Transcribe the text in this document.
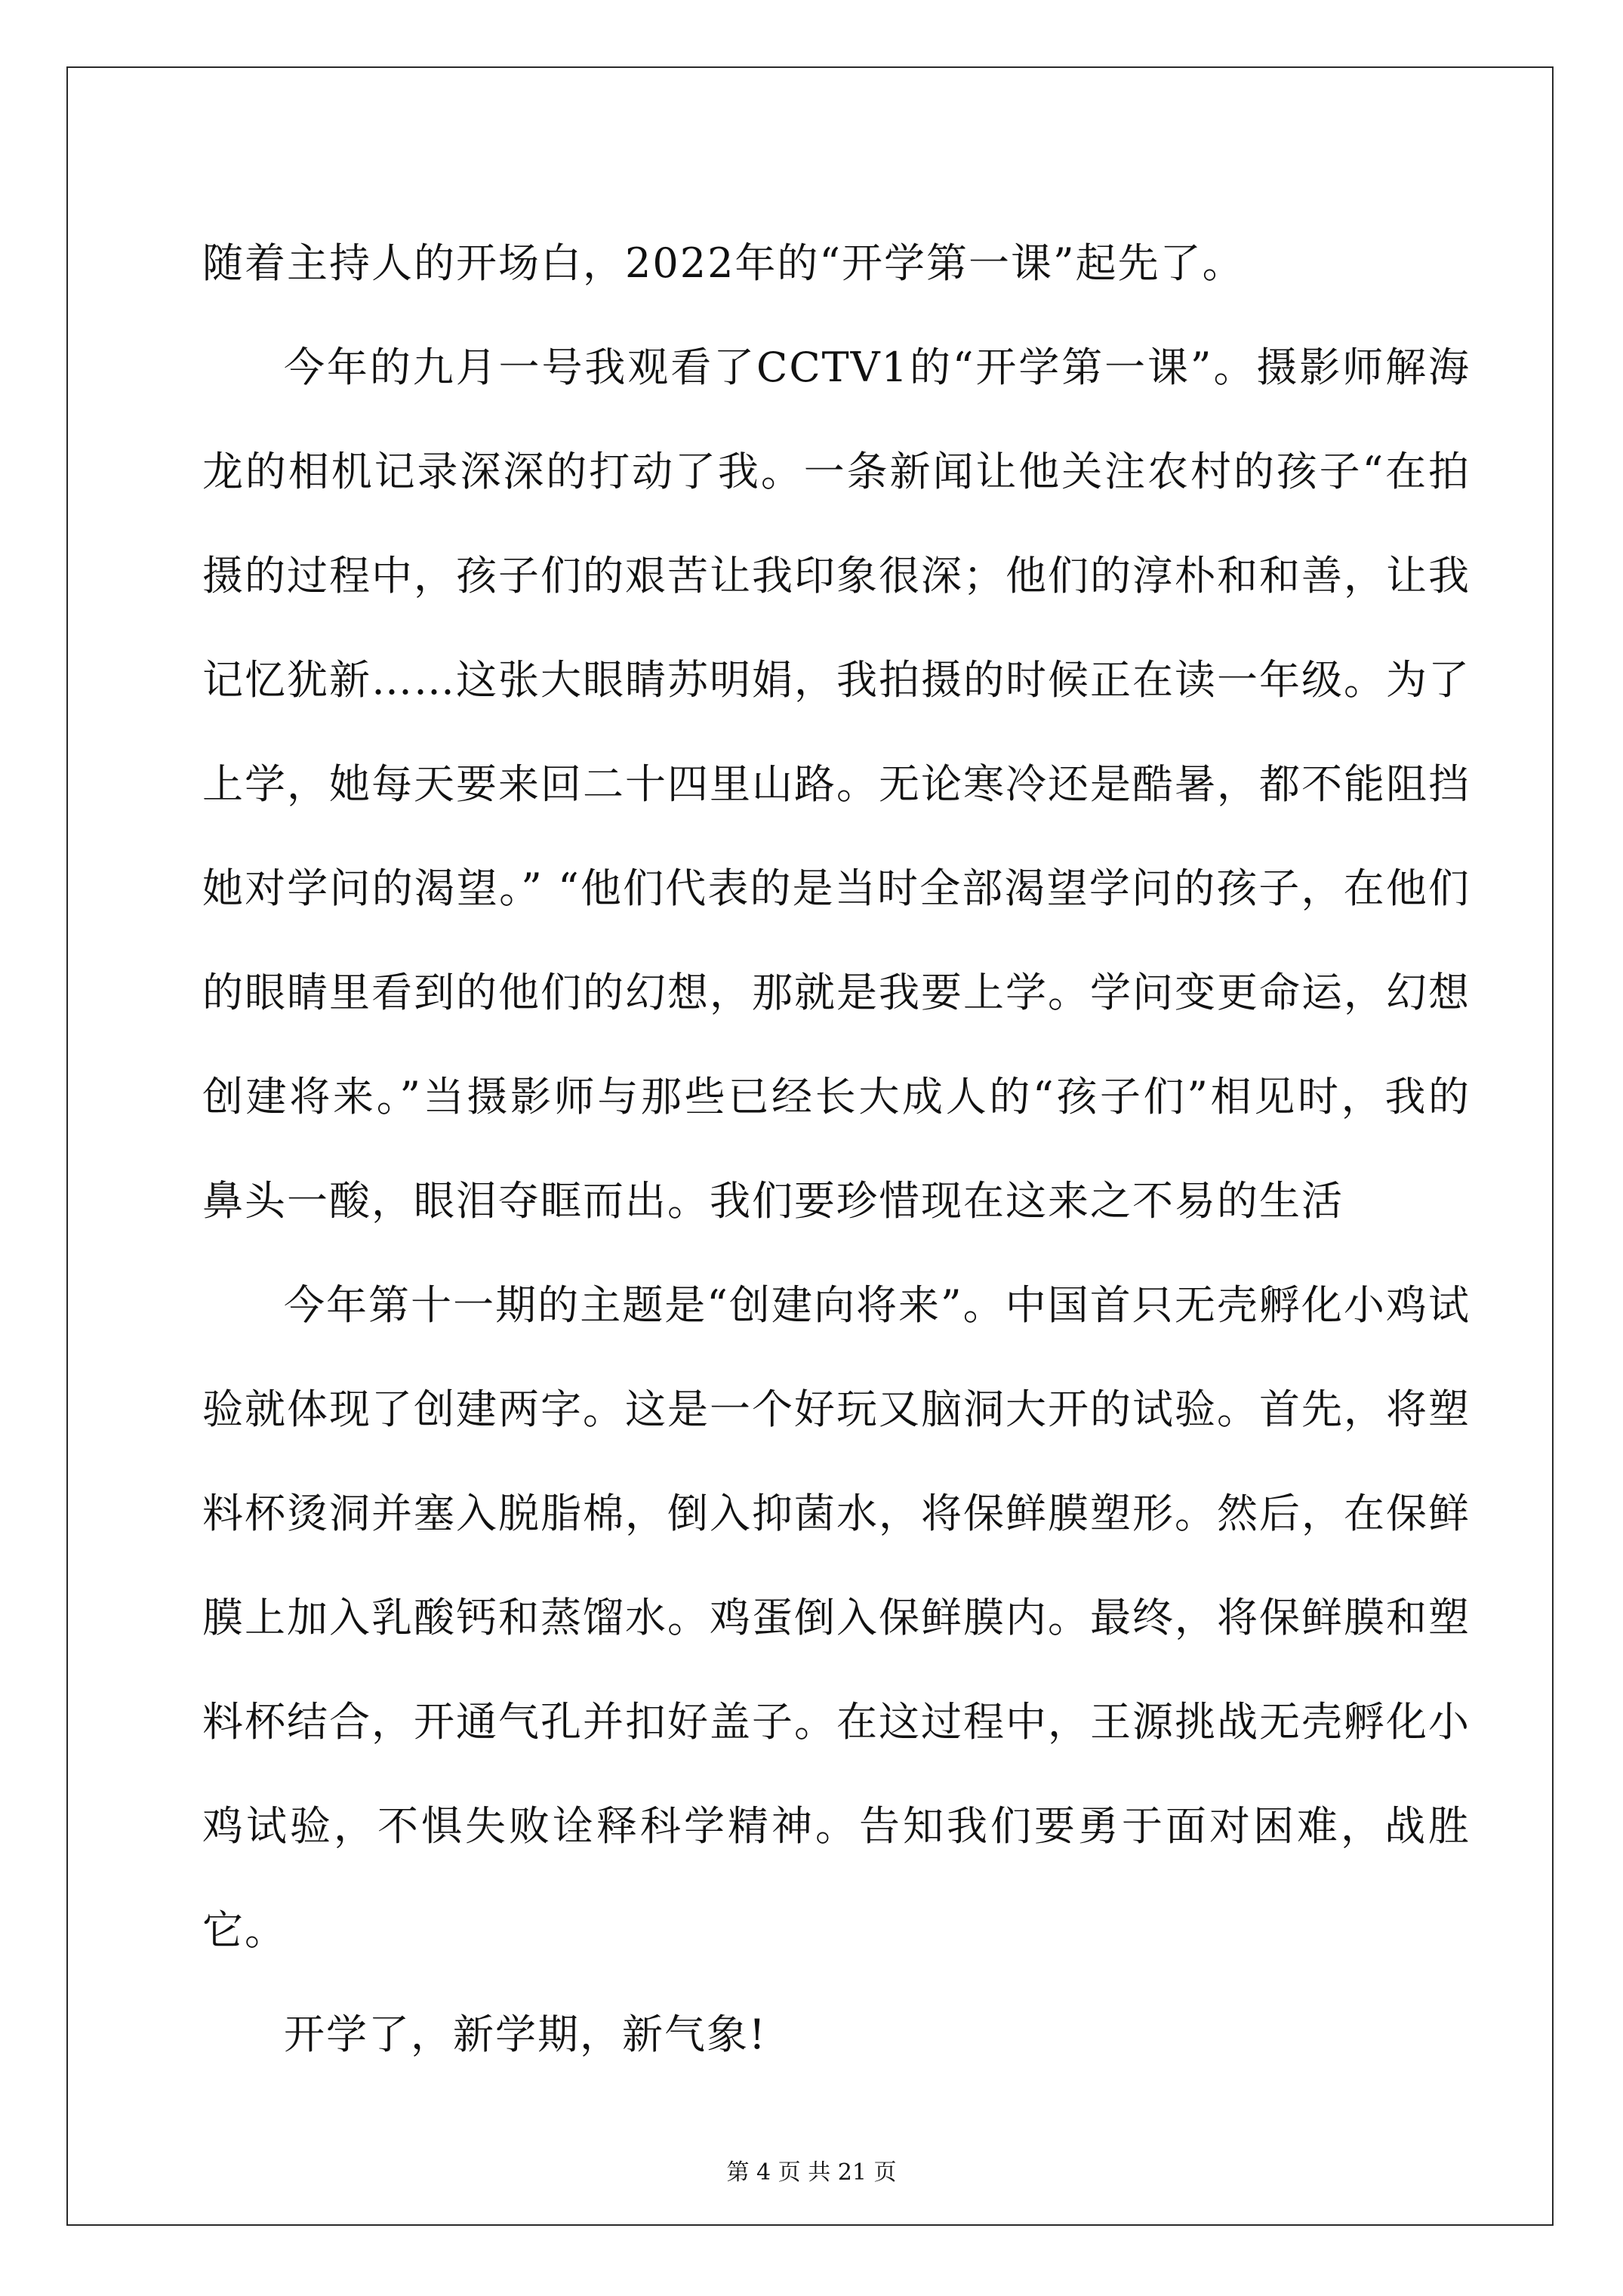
随着主持人的开场白，2022年的“开学第一课”起先了。

今年的九月一号我观看了CCTV1的“开学第一课”。摄影师解海龙的相机记录深深的打动了我。一条新闻让他关注农村的孩子“在拍摄的过程中，孩子们的艰苦让我印象很深；他们的淳朴和和善，让我记忆犹新……这张大眼睛苏明娟，我拍摄的时候正在读一年级。为了上学，她每天要来回二十四里山路。无论寒冷还是酷暑，都不能阻挡她对学问的渴望。” “他们代表的是当时全部渴望学问的孩子，在他们的眼睛里看到的他们的幻想，那就是我要上学。学问变更命运，幻想创建将来。”当摄影师与那些已经长大成人的“孩子们”相见时，我的鼻头一酸，眼泪夺眶而出。我们要珍惜现在这来之不易的生活

今年第十一期的主题是“创建向将来”。中国首只无壳孵化小鸡试验就体现了创建两字。这是一个好玩又脑洞大开的试验。首先，将塑料杯烫洞并塞入脱脂棉，倒入抑菌水，将保鲜膜塑形。然后，在保鲜膜上加入乳酸钙和蒸馏水。鸡蛋倒入保鲜膜内。最终，将保鲜膜和塑料杯结合，开通气孔并扣好盖子。在这过程中，王源挑战无壳孵化小鸡试验，不惧失败诠释科学精神。告知我们要勇于面对困难，战胜它。

开学了，新学期，新气象!

第 4 页 共 21 页
